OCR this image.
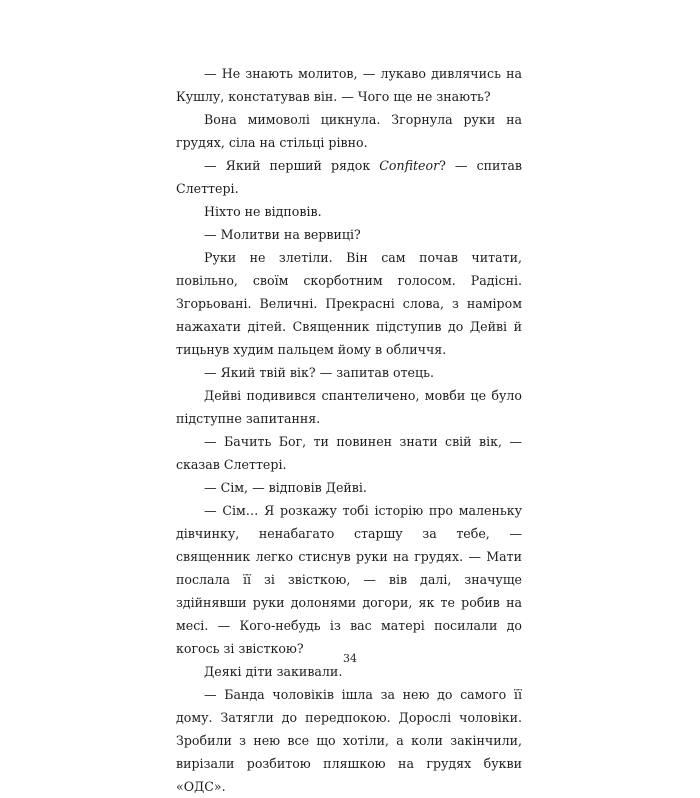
— Не знають молитов, — лукаво дивлячись на Кушлу, констатував він. — Чого ще не знають?

Вона мимоволі цикнула. Згорнула руки на грудях, сіла на стільці рівно.

— Який перший рядок Confiteor? — спитав Слеттері.

Ніхто не відповів.

— Молитви на вервиці?

Руки не злетіли. Він сам почав читати, повільно, своїм скорботним голосом. Радісні. Згорьовані. Величні. Прекрасні слова, з наміром нажахати дітей. Священник підступив до Дейві й тицьнув худим пальцем йому в обличчя.

— Який твій вік? — запитав отець.

Дейві подивився спантеличено, мовби це було підступне запитання.

— Бачить Бог, ти повинен знати свій вік, — сказав Слеттері.

— Сім, — відповів Дейві.

— Сім… Я розкажу тобі історію про маленьку дівчинку, ненабагато старшу за тебе, — священник легко стиснув руки на грудях. — Мати послала її зі звісткою, — вів далі, значуще здійнявши руки долонями догори, як те робив на месі. — Кого-небудь із вас матері посилали до когось зі звісткою?

Деякі діти закивали.

— Банда чоловіків ішла за нею до самого її дому. Затягли до передпокою. Дорослі чоловіки. Зробили з нею все що хотіли, а коли закінчили, вирізали розбитою пляшкою на грудях букви «ОДС».

34
